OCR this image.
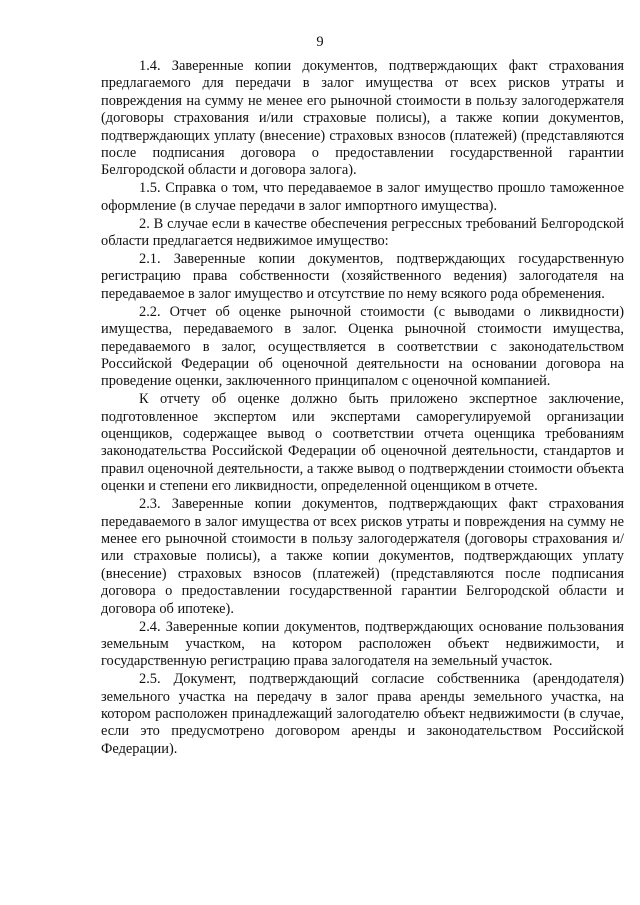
9

1.4. Заверенные копии документов, подтверждающих факт страхования предлагаемого для передачи в залог имущества от всех рисков утраты и повреждения на сумму не менее его рыночной стоимости в пользу залогодержателя (договоры страхования и/или страховые полисы), а также копии документов, подтверждающих уплату (внесение) страховых взносов (платежей) (представляются после подписания договора о предоставлении государственной гарантии Белгородской области и договора залога).

1.5. Справка о том, что передаваемое в залог имущество прошло таможенное оформление (в случае передачи в залог импортного имущества).

2. В случае если в качестве обеспечения регрессных требований Белгородской области предлагается недвижимое имущество:

2.1. Заверенные копии документов, подтверждающих государственную регистрацию права собственности (хозяйственного ведения) залогодателя на передаваемое в залог имущество и отсутствие по нему всякого рода обременения.

2.2. Отчет об оценке рыночной стоимости (с выводами о ликвидности) имущества, передаваемого в залог. Оценка рыночной стоимости имущества, передаваемого в залог, осуществляется в соответствии с законодательством Российской Федерации об оценочной деятельности на основании договора на проведение оценки, заключенного принципалом с оценочной компанией.

К отчету об оценке должно быть приложено экспертное заключение, подготовленное экспертом или экспертами саморегулируемой организации оценщиков, содержащее вывод о соответствии отчета оценщика требованиям законодательства Российской Федерации об оценочной деятельности, стандартов и правил оценочной деятельности, а также вывод о подтверждении стоимости объекта оценки и степени его ликвидности, определенной оценщиком в отчете.

2.3. Заверенные копии документов, подтверждающих факт страхования передаваемого в залог имущества от всех рисков утраты и повреждения на сумму не менее его рыночной стоимости в пользу залогодержателя (договоры страхования и/или страховые полисы), а также копии документов, подтверждающих уплату (внесение) страховых взносов (платежей) (представляются после подписания договора о предоставлении государственной гарантии Белгородской области и договора об ипотеке).

2.4. Заверенные копии документов, подтверждающих основание пользования земельным участком, на котором расположен объект недвижимости, и государственную регистрацию права залогодателя на земельный участок.

2.5. Документ, подтверждающий согласие собственника (арендодателя) земельного участка на передачу в залог права аренды земельного участка, на котором расположен принадлежащий залогодателю объект недвижимости (в случае, если это предусмотрено договором аренды и законодательством Российской Федерации).
